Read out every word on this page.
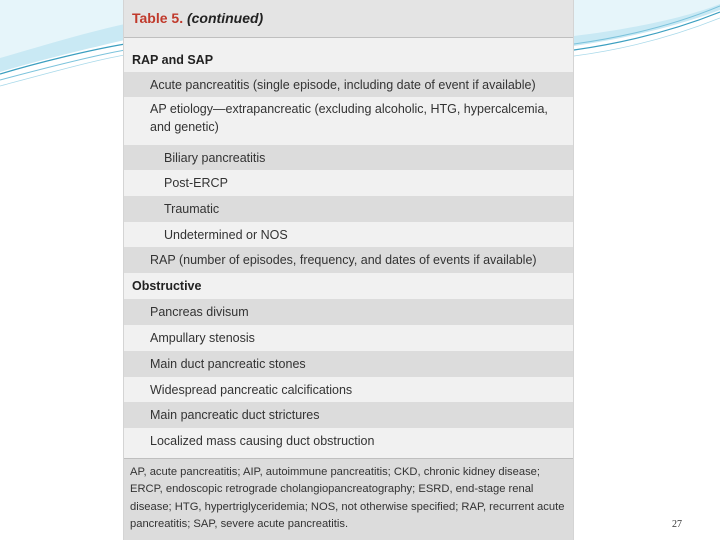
Table 5. (continued)
RAP and SAP
Acute pancreatitis (single episode, including date of event if available)
AP etiology—extrapancreatic (excluding alcoholic, HTG, hypercalcemia, and genetic)
Biliary pancreatitis
Post-ERCP
Traumatic
Undetermined or NOS
RAP (number of episodes, frequency, and dates of events if available)
Obstructive
Pancreas divisum
Ampullary stenosis
Main duct pancreatic stones
Widespread pancreatic calcifications
Main pancreatic duct strictures
Localized mass causing duct obstruction
AP, acute pancreatitis; AIP, autoimmune pancreatitis; CKD, chronic kidney disease; ERCP, endoscopic retrograde cholangiopancreatography; ESRD, end-stage renal disease; HTG, hypertriglyceridemia; NOS, not otherwise specified; RAP, recurrent acute pancreatitis; SAP, severe acute pancreatitis.	27
